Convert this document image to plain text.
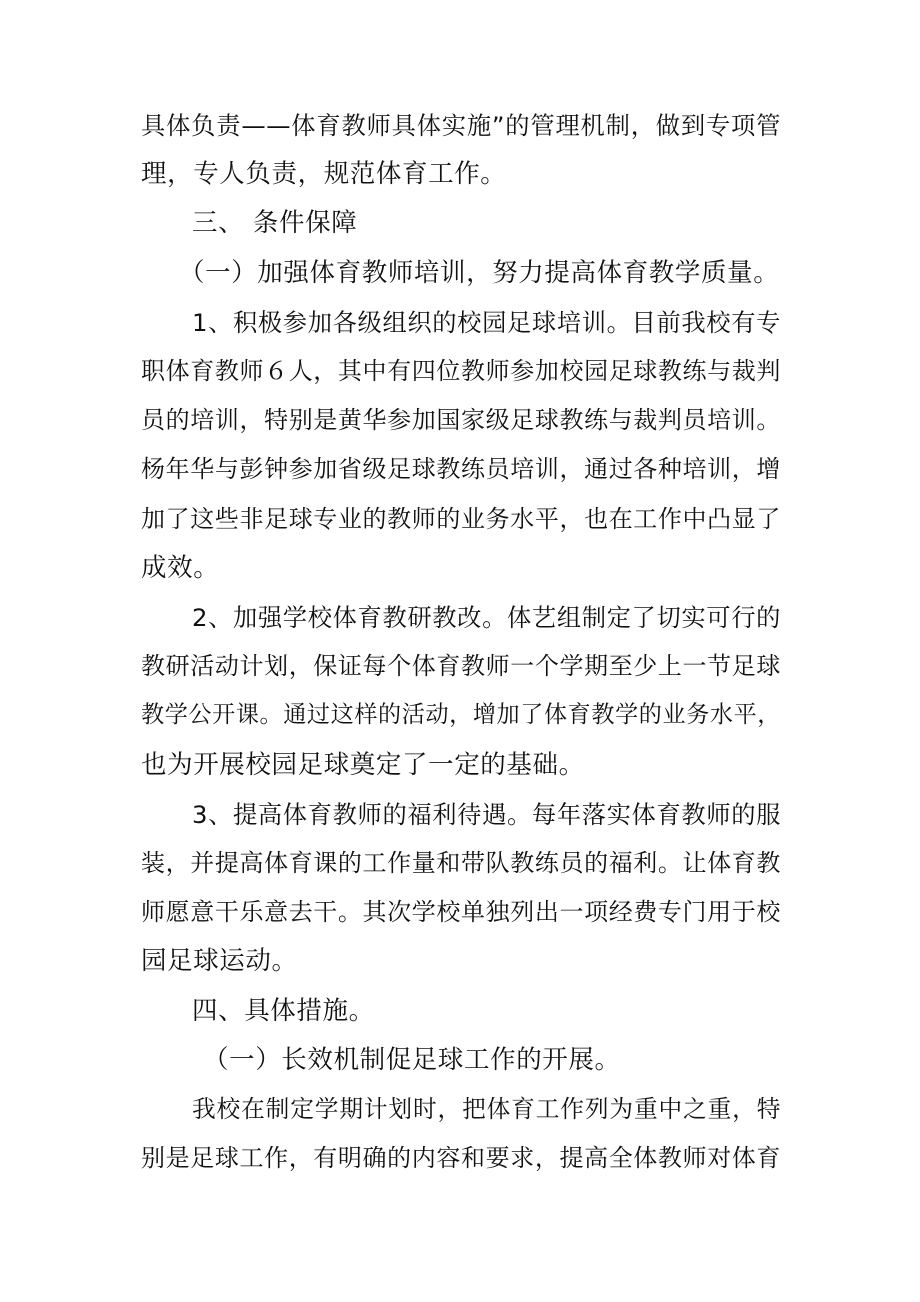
具体负责——体育教师具体实施”的管理机制，做到专项管
理，专人负责，规范体育工作。
三、 条件保障
（一）加强体育教师培训，努力提高体育教学质量。
1、积极参加各级组织的校园足球培训。目前我校有专
职体育教师６人，其中有四位教师参加校园足球教练与裁判
员的培训，特别是黄华参加国家级足球教练与裁判员培训。
杨年华与彭钟参加省级足球教练员培训，通过各种培训，增
加了这些非足球专业的教师的业务水平，也在工作中凸显了
成效。
2、加强学校体育教研教改。体艺组制定了切实可行的
教研活动计划，保证每个体育教师一个学期至少上一节足球
教学公开课。通过这样的活动，增加了体育教学的业务水平，
也为开展校园足球奠定了一定的基础。
3、提高体育教师的福利待遇。每年落实体育教师的服
装，并提高体育课的工作量和带队教练员的福利。让体育教
师愿意干乐意去干。其次学校单独列出一项经费专门用于校
园足球运动。
四、具体措施。
（一）长效机制促足球工作的开展。
我校在制定学期计划时，把体育工作列为重中之重，特
别是足球工作，有明确的内容和要求，提高全体教师对体育
